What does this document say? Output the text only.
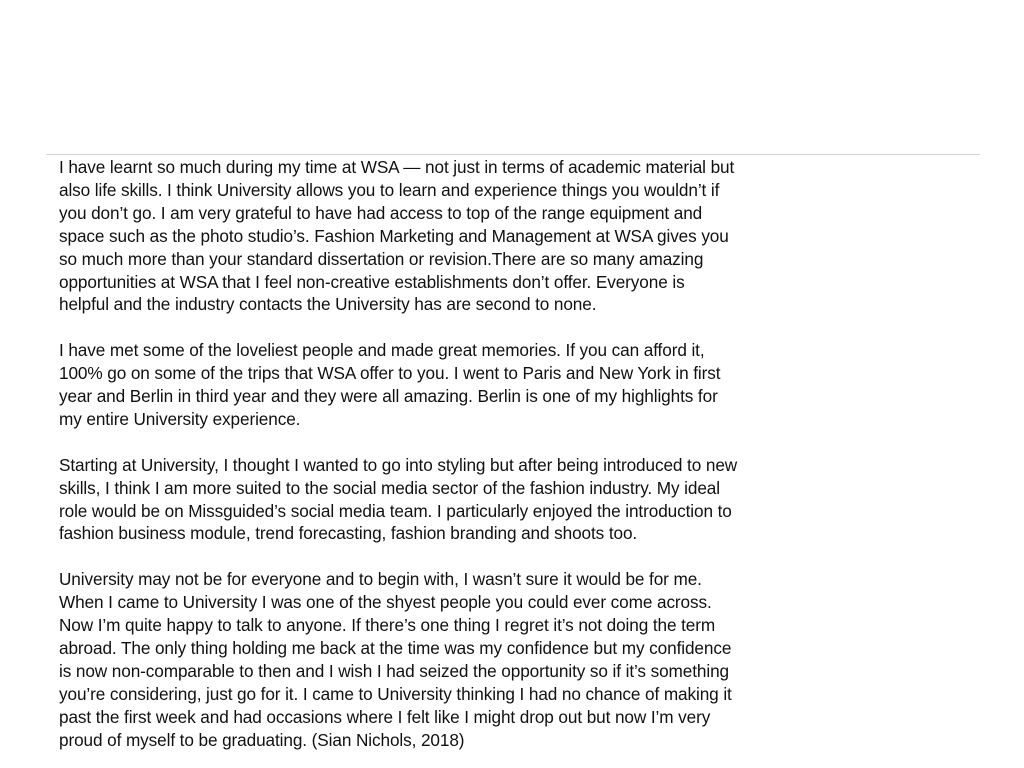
I have learnt so much during my time at WSA — not just in terms of academic material but
also life skills. I think University allows you to learn and experience things you wouldn’t if
you don’t go. I am very grateful to have had access to top of the range equipment and
space such as the photo studio’s. Fashion Marketing and Management at WSA gives you
so much more than your standard dissertation or revision.There are so many amazing
opportunities at WSA that I feel non-creative establishments don’t offer. Everyone is
helpful and the industry contacts the University has are second to none.

I have met some of the loveliest people and made great memories. If you can afford it,
100% go on some of the trips that WSA offer to you. I went to Paris and New York in first
year and Berlin in third year and they were all amazing. Berlin is one of my highlights for
my entire University experience.

Starting at University, I thought I wanted to go into styling but after being introduced to new
skills, I think I am more suited to the social media sector of the fashion industry. My ideal
role would be on Missguided’s social media team. I particularly enjoyed the introduction to
fashion business module, trend forecasting, fashion branding and shoots too.

University may not be for everyone and to begin with, I wasn’t sure it would be for me.
When I came to University I was one of the shyest people you could ever come across.
Now I’m quite happy to talk to anyone. If there’s one thing I regret it’s not doing the term
abroad. The only thing holding me back at the time was my confidence but my confidence
is now non-comparable to then and I wish I had seized the opportunity so if it’s something
you’re considering, just go for it. I came to University thinking I had no chance of making it
past the first week and had occasions where I felt like I might drop out but now I’m very
proud of myself to be graduating. (Sian Nichols, 2018)
